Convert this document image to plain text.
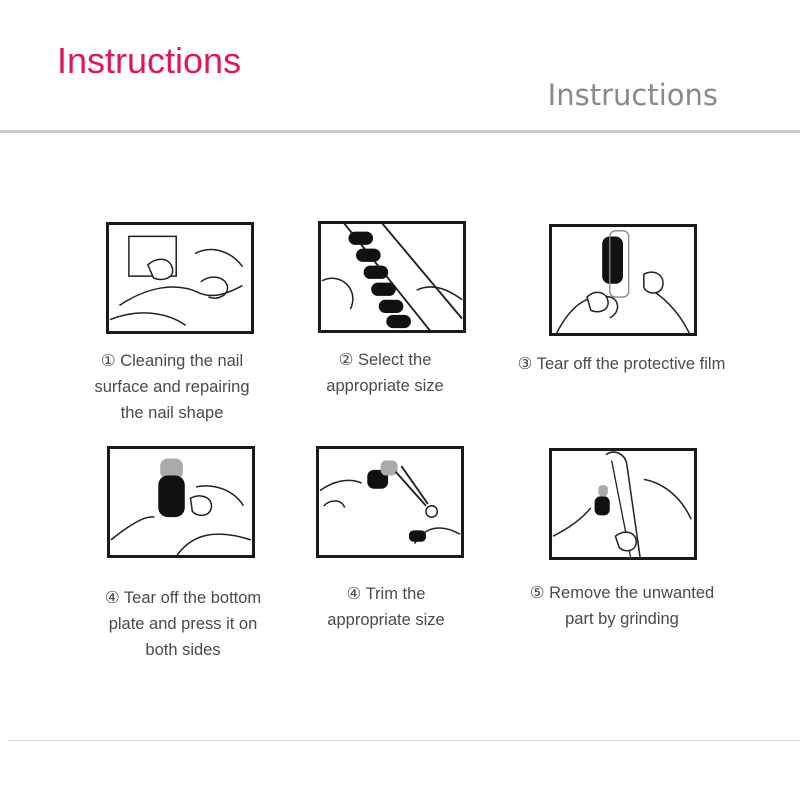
Instructions
Instructions
① Cleaning the nail
surface and repairing
the nail shape
② Select the
appropriate size
③ Tear off the protective film
④ Tear off the bottom
plate and press it on
both sides
④ Trim the
appropriate size
⑤ Remove the unwanted
part by grinding
